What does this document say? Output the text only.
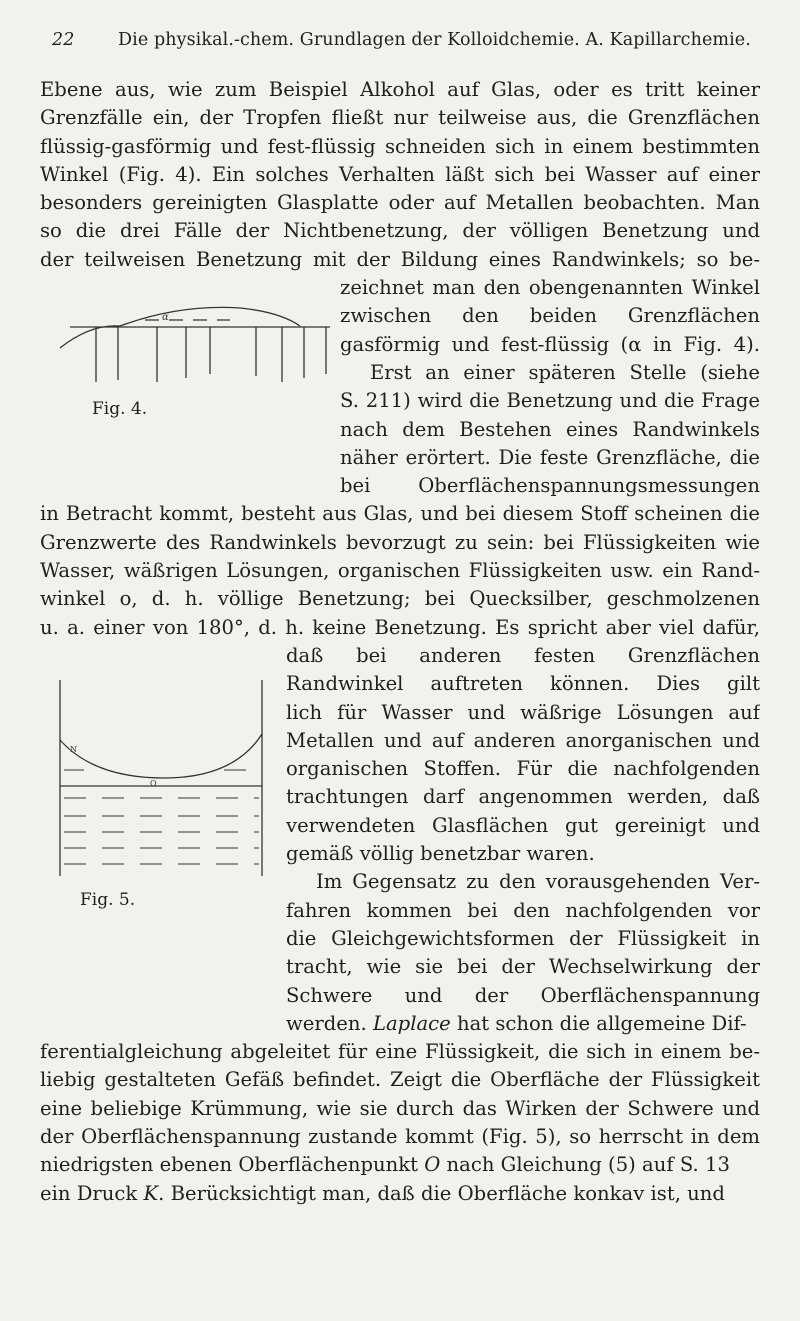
22 Die physikal.-chem. Grundlagen der Kolloidchemie. A. Kapillarchemie.
Ebene aus, wie zum Beispiel Alkohol auf Glas, oder es tritt keiner
Grenzfälle ein, der Tropfen fließt nur teilweise aus, die Grenzflächen
flüssig-gasförmig und fest-flüssig schneiden sich in einem bestimmten
Winkel (Fig. 4). Ein solches Verhalten läßt sich bei Wasser auf einer
besonders gereinigten Glasplatte oder auf Metallen beobachten. Man
so die drei Fälle der Nichtbenetzung, der völligen Benetzung und
der teilweisen Benetzung mit der Bildung eines Randwinkels; so be-
zeichnet man den obengenannten Winkel
zwischen den beiden Grenzflächen
gasförmig und fest-flüssig (α in Fig. 4).
Erst an einer späteren Stelle (siehe
S. 211) wird die Benetzung und die Frage
nach dem Bestehen eines Randwinkels
näher erörtert. Die feste Grenzfläche, die
bei Oberflächenspannungsmessungen
in Betracht kommt, besteht aus Glas, und bei diesem Stoff scheinen die
Grenzwerte des Randwinkels bevorzugt zu sein: bei Flüssigkeiten wie
Wasser, wäßrigen Lösungen, organischen Flüssigkeiten usw. ein Rand-
winkel o, d. h. völlige Benetzung; bei Quecksilber, geschmolzenen
u. a. einer von 180°, d. h. keine Benetzung. Es spricht aber viel dafür,
daß bei anderen festen Grenzflächen
Randwinkel auftreten können. Dies gilt
lich für Wasser und wäßrige Lösungen auf
Metallen und auf anderen anorganischen und
organischen Stoffen. Für die nachfolgenden
trachtungen darf angenommen werden, daß
verwendeten Glasflächen gut gereinigt und
gemäß völlig benetzbar waren.
Im Gegensatz zu den vorausgehenden Ver-
fahren kommen bei den nachfolgenden vor
die Gleichgewichtsformen der Flüssigkeit in
tracht, wie sie bei der Wechselwirkung der
Schwere und der Oberflächenspannung
werden. Laplace hat schon die allgemeine Dif-
ferentialgleichung abgeleitet für eine Flüssigkeit, die sich in einem be-
liebig gestalteten Gefäß befindet. Zeigt die Oberfläche der Flüssigkeit
eine beliebige Krümmung, wie sie durch das Wirken der Schwere und
der Oberflächenspannung zustande kommt (Fig. 5), so herrscht in dem
niedrigsten ebenen Oberflächenpunkt O nach Gleichung (5) auf S. 13
ein Druck K. Berücksichtigt man, daß die Oberfläche konkav ist, und
α
Fig. 4.
N
O
Fig. 5.
